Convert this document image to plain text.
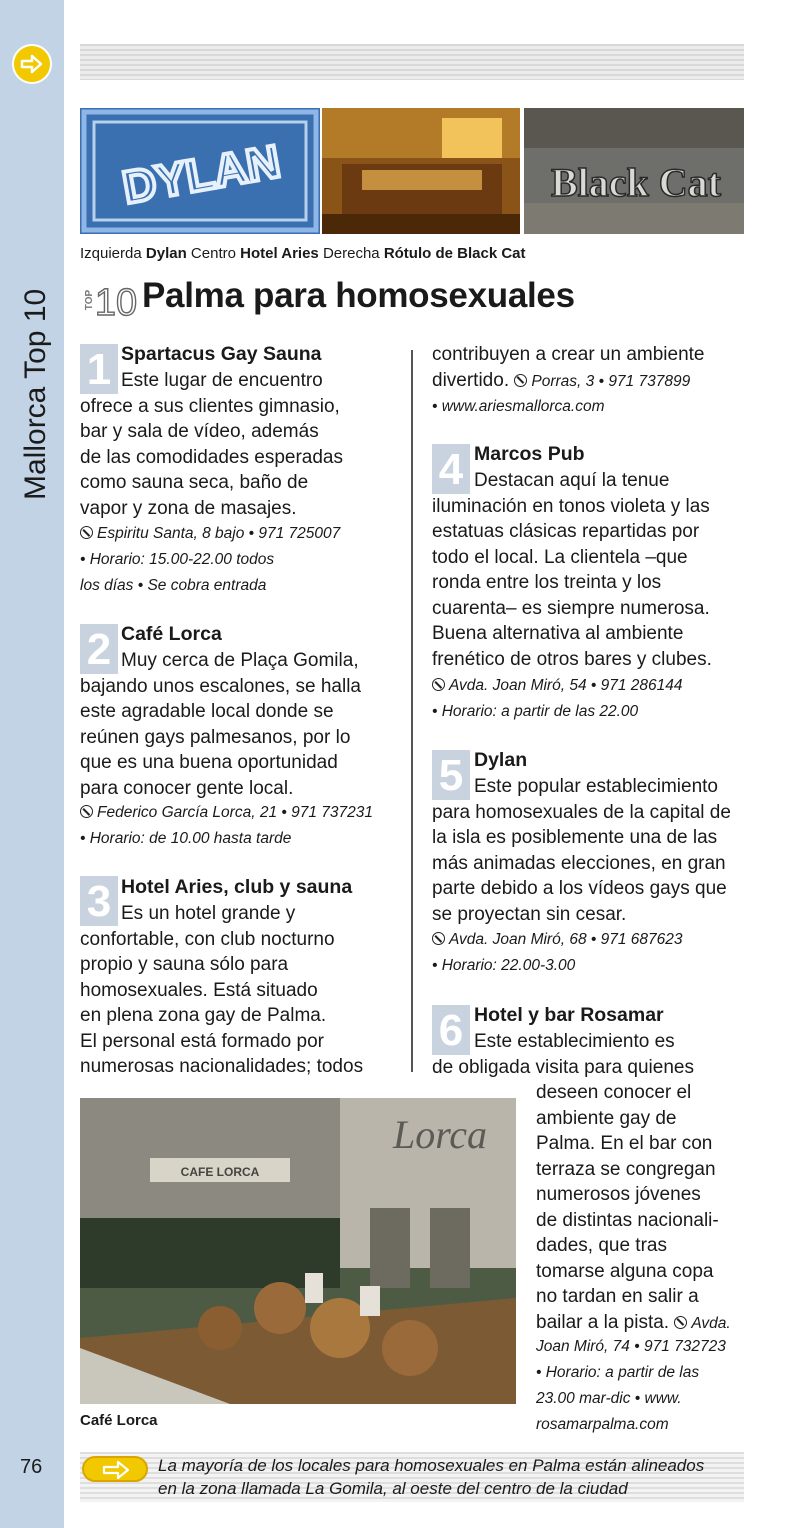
Mallorca Top 10
76
DYLAN	Black Cat
Izquierda Dylan Centro Hotel Aries Derecha Rótulo de Black Cat
TOP 10 Palma para homosexuales
1 Spartacus Gay Sauna
Este lugar de encuentro
ofrece a sus clientes gimnasio,
bar y sala de vídeo, además
de las comodidades esperadas
como sauna seca, baño de
vapor y zona de masajes.
Espiritu Santa, 8 bajo • 971 725007
• Horario: 15.00-22.00 todos
los días • Se cobra entrada
2 Café Lorca
Muy cerca de Plaça Gomila,
bajando unos escalones, se halla
este agradable local donde se
reúnen gays palmesanos, por lo
que es una buena oportunidad
para conocer gente local.
Federico García Lorca, 21 • 971 737231
• Horario: de 10.00 hasta tarde
3 Hotel Aries, club y sauna
Es un hotel grande y
confortable, con club nocturno
propio y sauna sólo para
homosexuales. Está situado
en plena zona gay de Palma.
El personal está formado por
numerosas nacionalidades; todos
contribuyen a crear un ambiente
divertido. Porras, 3 • 971 737899
• www.ariesmallorca.com
4 Marcos Pub
Destacan aquí la tenue
iluminación en tonos violeta y las
estatuas clásicas repartidas por
todo el local. La clientela –que
ronda entre los treinta y los
cuarenta– es siempre numerosa.
Buena alternativa al ambiente
frenético de otros bares y clubes.
Avda. Joan Miró, 54 • 971 286144
• Horario: a partir de las 22.00
5 Dylan
Este popular establecimiento
para homosexuales de la capital de
la isla es posiblemente una de las
más animadas elecciones, en gran
parte debido a los vídeos gays que
se proyectan sin cesar.
Avda. Joan Miró, 68 • 971 687623
• Horario: 22.00-3.00
6 Hotel y bar Rosamar
Este establecimiento es
de obligada visita para quienes
deseen conocer el
ambiente gay de
Palma. En el bar con
terraza se congregan
numerosos jóvenes
de distintas nacionali-
dades, que tras
tomarse alguna copa
no tardan en salir a
bailar a la pista. Avda.
Joan Miró, 74 • 971 732723
• Horario: a partir de las
23.00 mar-dic • www.
rosamarpalma.com
Lorca
CAFE LORCA
Café Lorca
La mayoría de los locales para homosexuales en Palma están alineados
en la zona llamada La Gomila, al oeste del centro de la ciudad
